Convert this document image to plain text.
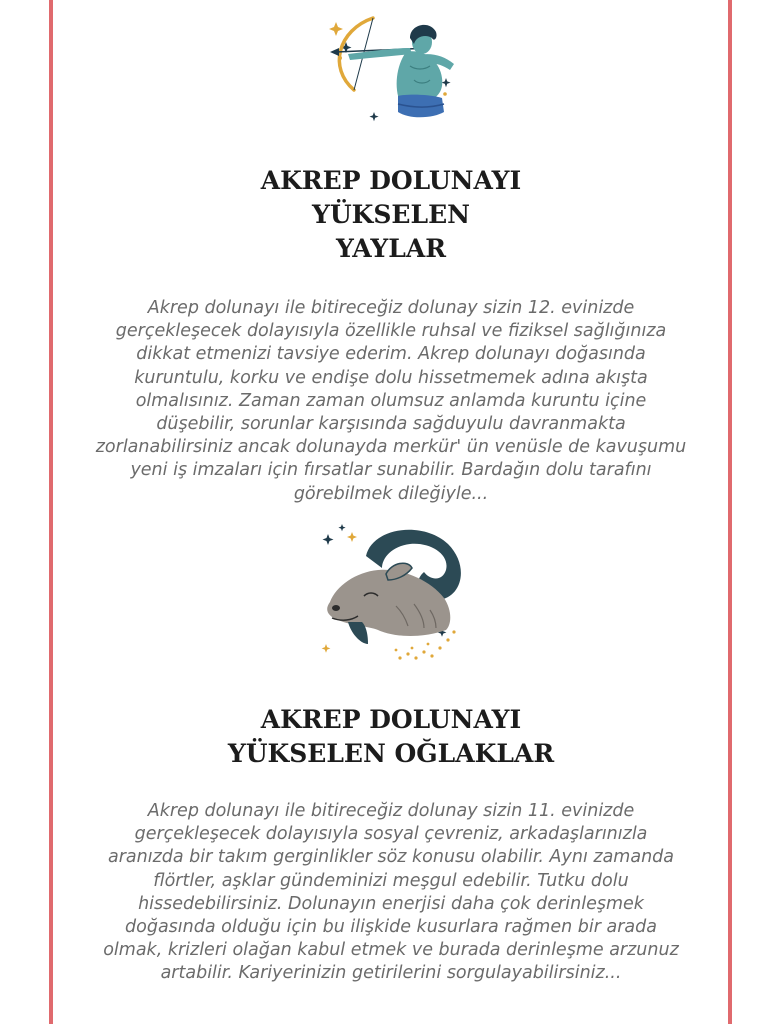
AKREP DOLUNAYI
YÜKSELEN
YAYLAR

Akrep dolunayı ile bitireceğiz dolunay sizin 12. evinizde gerçekleşecek dolayısıyla özellikle ruhsal ve fiziksel sağlığınıza dikkat etmenizi tavsiye ederim. Akrep dolunayı doğasında kuruntulu, korku ve endişe dolu hissetmemek adına akışta olmalısınız. Zaman zaman olumsuz anlamda kuruntu içine düşebilir, sorunlar karşısında sağduyulu davranmakta zorlanabilirsiniz ancak dolunayda merkür' ün venüsle de kavuşumu yeni iş imzaları için fırsatlar sunabilir. Bardağın dolu tarafını görebilmek dileğiyle...

AKREP DOLUNAYI
YÜKSELEN OĞLAKLAR

Akrep dolunayı ile bitireceğiz dolunay sizin 11. evinizde gerçekleşecek dolayısıyla sosyal çevreniz, arkadaşlarınızla aranızda bir takım gerginlikler söz konusu olabilir. Aynı zamanda flörtler, aşklar gündeminizi meşgul edebilir. Tutku dolu hissedebilirsiniz. Dolunayın enerjisi daha çok derinleşmek doğasında olduğu için bu ilişkide kusurlara rağmen bir arada olmak, krizleri olağan kabul etmek ve burada derinleşme arzunuz artabilir. Kariyerinizin getirilerini sorgulayabilirsiniz...
